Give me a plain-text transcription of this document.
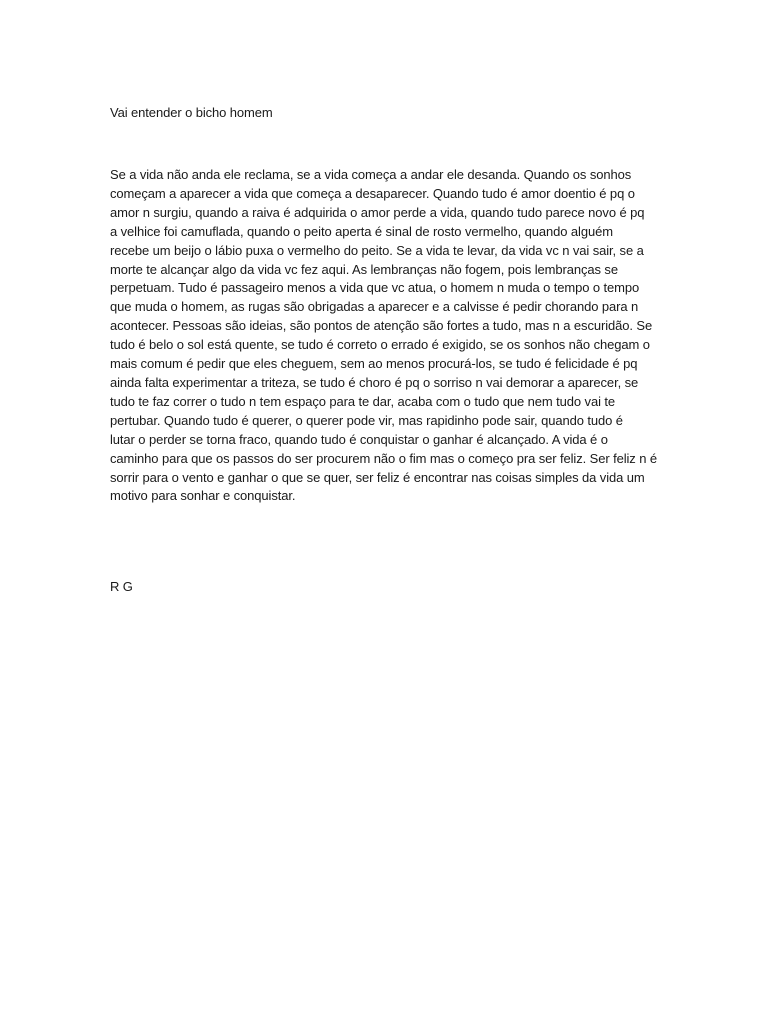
Vai entender o bicho homem
Se a vida não anda ele reclama, se a vida começa a andar ele desanda. Quando os sonhos
começam a aparecer a vida que começa a desaparecer. Quando tudo é amor doentio é pq o
amor n surgiu, quando a raiva é adquirida o amor perde a vida, quando tudo parece novo é pq
a velhice foi camuflada, quando o peito aperta é sinal de rosto vermelho, quando alguém
recebe um beijo o lábio puxa o vermelho do peito. Se a vida te levar, da vida vc n vai sair, se a
morte te alcançar algo da vida vc fez aqui. As lembranças não fogem, pois lembranças se
perpetuam. Tudo é passageiro menos a vida que vc atua, o homem n muda o tempo o tempo
que muda o homem, as rugas são obrigadas a aparecer e a calvisse é pedir chorando para n
acontecer. Pessoas são ideias, são pontos de atenção são fortes a tudo, mas n a escuridão. Se
tudo é belo o sol está quente, se tudo é correto o errado é exigido, se os sonhos não chegam o
mais comum é pedir que eles cheguem, sem ao menos procurá-los, se tudo é felicidade é pq
ainda falta experimentar a triteza, se tudo é choro é pq o sorriso n vai demorar a aparecer, se
tudo te faz correr o tudo n tem espaço para te dar, acaba com o tudo que nem tudo vai te
pertubar. Quando tudo é querer, o querer pode vir, mas rapidinho pode sair, quando tudo é
lutar o perder se torna fraco, quando tudo é conquistar o ganhar é alcançado. A vida é o
caminho para que os passos do ser procurem não o fim mas o começo pra ser feliz. Ser feliz n é
sorrir para o vento e ganhar o que se quer, ser feliz é encontrar nas coisas simples da vida um
motivo para sonhar e conquistar.
R G
